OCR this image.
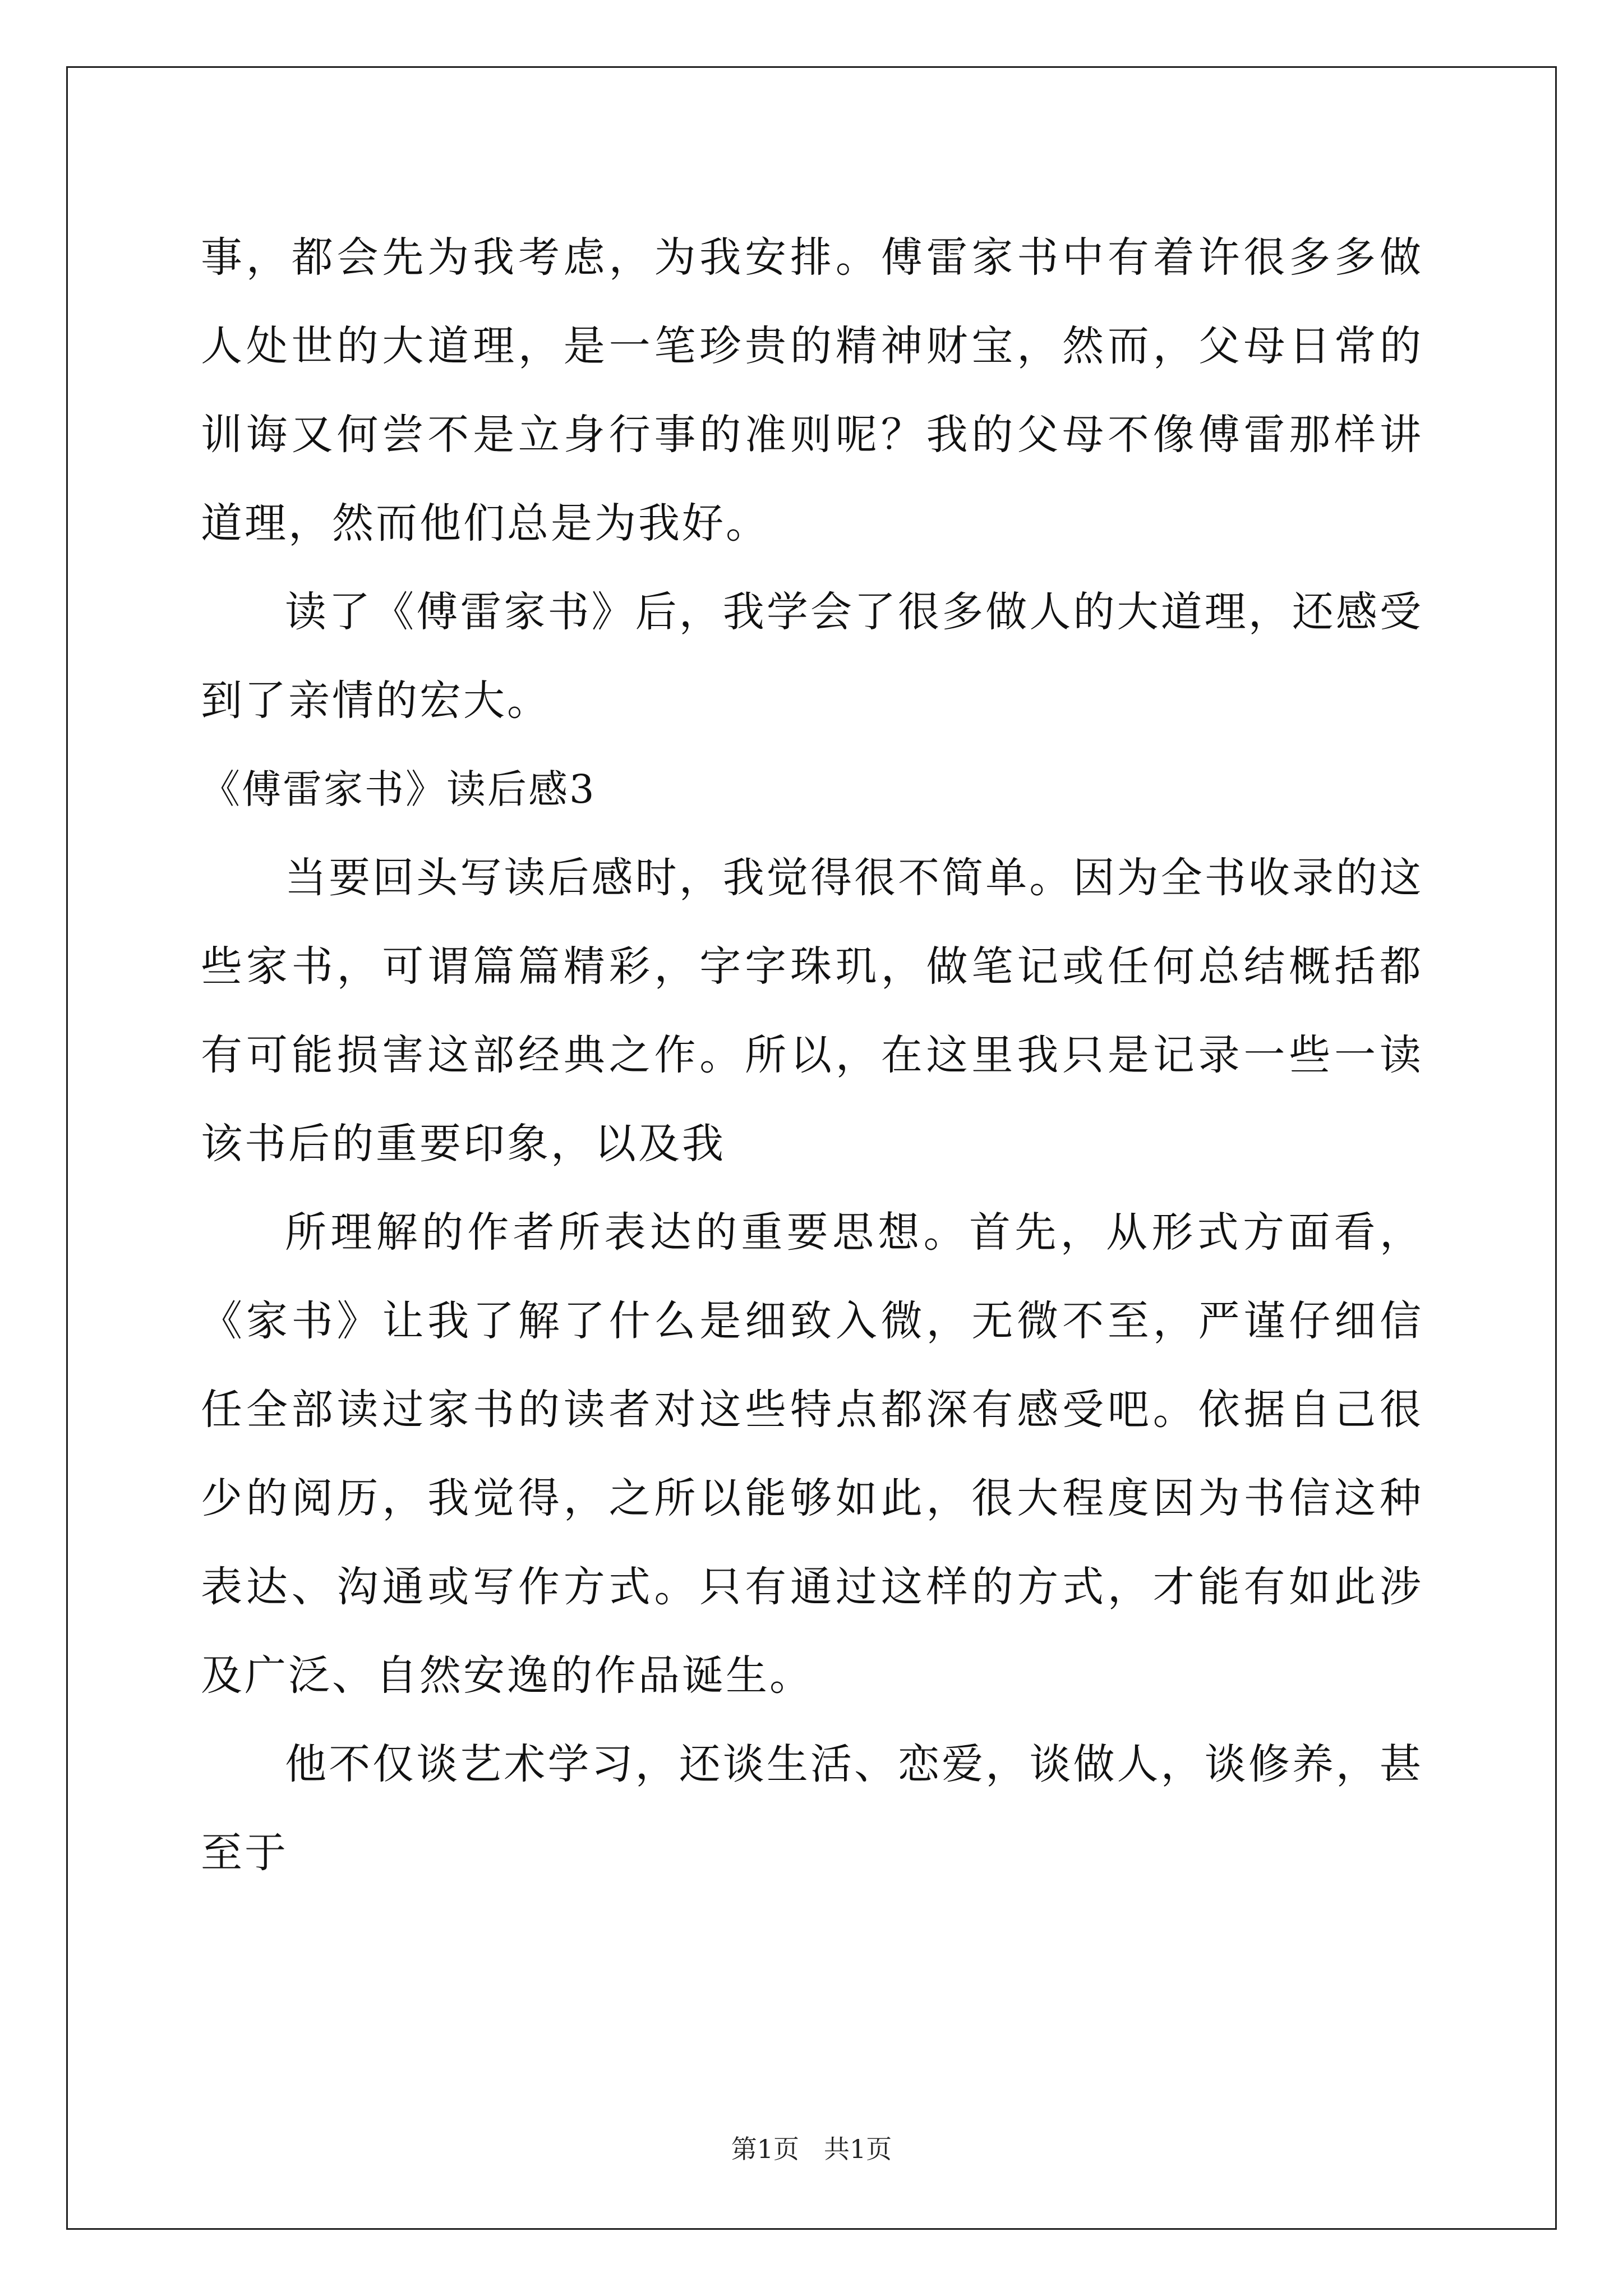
事，都会先为我考虑，为我安排。傅雷家书中有着许很多多做人处世的大道理，是一笔珍贵的精神财宝，然而，父母日常的训诲又何尝不是立身行事的准则呢？我的父母不像傅雷那样讲道理，然而他们总是为我好。

读了《傅雷家书》后，我学会了很多做人的大道理，还感受到了亲情的宏大。

《傅雷家书》读后感3

当要回头写读后感时，我觉得很不简单。因为全书收录的这些家书，可谓篇篇精彩，字字珠玑，做笔记或任何总结概括都有可能损害这部经典之作。所以，在这里我只是记录一些一读该书后的重要印象，以及我

所理解的作者所表达的重要思想。首先，从形式方面看，《家书》让我了解了什么是细致入微，无微不至，严谨仔细信任全部读过家书的读者对这些特点都深有感受吧。依据自己很少的阅历，我觉得，之所以能够如此，很大程度因为书信这种表达、沟通或写作方式。只有通过这样的方式，才能有如此涉及广泛、自然安逸的作品诞生。

他不仅谈艺术学习，还谈生活、恋爱，谈做人，谈修养，甚至于

第1页 共1页
